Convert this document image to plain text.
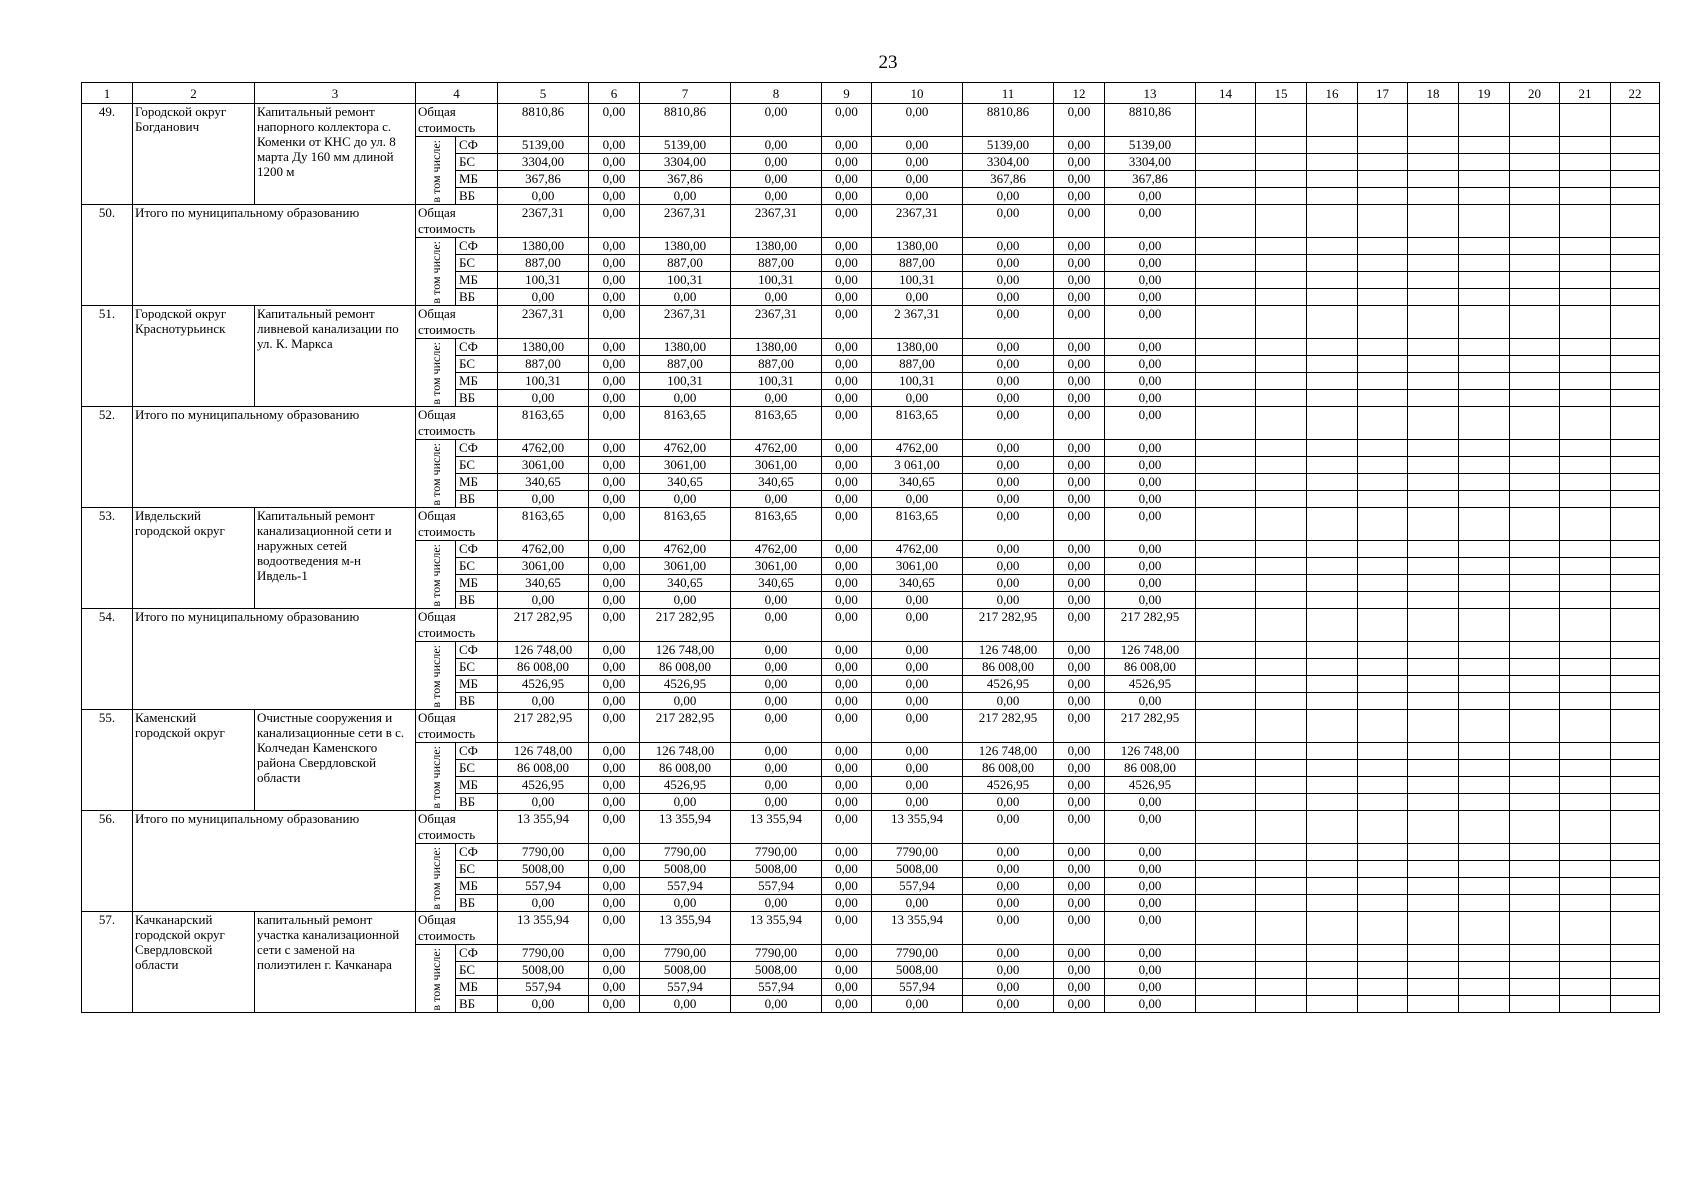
23
1	2	3	4		5	6	7	8	9	10	11	12	13	14	15	16	17	18	19	20	21	22
49.	Городской округ Богданович	Капитальный ремонт напорного коллектора с. Коменки от КНС до ул. 8 марта Ду 160 мм длиной 1200 м	Общая стоимость		8810,86	0,00	8810,86	0,00	0,00	0,00	8810,86	0,00	8810,86									

			в том числе:	СФ	5139,00	0,00	5139,00	0,00	0,00	0,00	5139,00	0,00	5139,00									
				БС	3304,00	0,00	3304,00	0,00	0,00	0,00	3304,00	0,00	3304,00									
				МБ	367,86	0,00	367,86	0,00	0,00	0,00	367,86	0,00	367,86									
				ВБ	0,00	0,00	0,00	0,00	0,00	0,00	0,00	0,00	0,00									
50.	Итого по муниципальному образованию		Общая стоимость		2367,31	0,00	2367,31	2367,31	0,00	2367,31	0,00	0,00	0,00									

			в том числе:	СФ	1380,00	0,00	1380,00	1380,00	0,00	1380,00	0,00	0,00	0,00									
				БС	887,00	0,00	887,00	887,00	0,00	887,00	0,00	0,00	0,00									
				МБ	100,31	0,00	100,31	100,31	0,00	100,31	0,00	0,00	0,00									
				ВБ	0,00	0,00	0,00	0,00	0,00	0,00	0,00	0,00	0,00									
51.	Городской округ Краснотурьинск	Капитальный ремонт ливневой канализации по ул. К. Маркса	Общая стоимость		2367,31	0,00	2367,31	2367,31	0,00	2 367,31	0,00	0,00	0,00									

			в том числе:	СФ	1380,00	0,00	1380,00	1380,00	0,00	1380,00	0,00	0,00	0,00									
				БС	887,00	0,00	887,00	887,00	0,00	887,00	0,00	0,00	0,00									
				МБ	100,31	0,00	100,31	100,31	0,00	100,31	0,00	0,00	0,00									
				ВБ	0,00	0,00	0,00	0,00	0,00	0,00	0,00	0,00	0,00									
52.	Итого по муниципальному образованию		Общая стоимость		8163,65	0,00	8163,65	8163,65	0,00	8163,65	0,00	0,00	0,00									

			в том числе:	СФ	4762,00	0,00	4762,00	4762,00	0,00	4762,00	0,00	0,00	0,00									
				БС	3061,00	0,00	3061,00	3061,00	0,00	3 061,00	0,00	0,00	0,00									
				МБ	340,65	0,00	340,65	340,65	0,00	340,65	0,00	0,00	0,00									
				ВБ	0,00	0,00	0,00	0,00	0,00	0,00	0,00	0,00	0,00									
53.	Ивдельский городской округ	Капитальный ремонт канализационной сети и наружных сетей водоотведения м-н Ивдель-1	Общая стоимость		8163,65	0,00	8163,65	8163,65	0,00	8163,65	0,00	0,00	0,00									

			в том числе:	СФ	4762,00	0,00	4762,00	4762,00	0,00	4762,00	0,00	0,00	0,00									
				БС	3061,00	0,00	3061,00	3061,00	0,00	3061,00	0,00	0,00	0,00									
				МБ	340,65	0,00	340,65	340,65	0,00	340,65	0,00	0,00	0,00									
				ВБ	0,00	0,00	0,00	0,00	0,00	0,00	0,00	0,00	0,00									
54.	Итого по муниципальному образованию		Общая стоимость		217 282,95	0,00	217 282,95	0,00	0,00	0,00	217 282,95	0,00	217 282,95									

			в том числе:	СФ	126 748,00	0,00	126 748,00	0,00	0,00	0,00	126 748,00	0,00	126 748,00									
				БС	86 008,00	0,00	86 008,00	0,00	0,00	0,00	86 008,00	0,00	86 008,00									
				МБ	4526,95	0,00	4526,95	0,00	0,00	0,00	4526,95	0,00	4526,95									
				ВБ	0,00	0,00	0,00	0,00	0,00	0,00	0,00	0,00	0,00									
55.	Каменский городской округ	Очистные сооружения и канализационные сети в с. Колчедан Каменского района Свердловской области	Общая стоимость		217 282,95	0,00	217 282,95	0,00	0,00	0,00	217 282,95	0,00	217 282,95									

			в том числе:	СФ	126 748,00	0,00	126 748,00	0,00	0,00	0,00	126 748,00	0,00	126 748,00									
				БС	86 008,00	0,00	86 008,00	0,00	0,00	0,00	86 008,00	0,00	86 008,00									
				МБ	4526,95	0,00	4526,95	0,00	0,00	0,00	4526,95	0,00	4526,95									
				ВБ	0,00	0,00	0,00	0,00	0,00	0,00	0,00	0,00	0,00									
56.	Итого по муниципальному образованию		Общая стоимость		13 355,94	0,00	13 355,94	13 355,94	0,00	13 355,94	0,00	0,00	0,00									

			в том числе:	СФ	7790,00	0,00	7790,00	7790,00	0,00	7790,00	0,00	0,00	0,00									
				БС	5008,00	0,00	5008,00	5008,00	0,00	5008,00	0,00	0,00	0,00									
				МБ	557,94	0,00	557,94	557,94	0,00	557,94	0,00	0,00	0,00									
				ВБ	0,00	0,00	0,00	0,00	0,00	0,00	0,00	0,00	0,00									
57.	Качканарский городской округ Свердловской области	капитальный ремонт участка канализационной сети с заменой на полиэтилен г. Качканара	Общая стоимость		13 355,94	0,00	13 355,94	13 355,94	0,00	13 355,94	0,00	0,00	0,00									

			в том числе:	СФ	7790,00	0,00	7790,00	7790,00	0,00	7790,00	0,00	0,00	0,00									
				БС	5008,00	0,00	5008,00	5008,00	0,00	5008,00	0,00	0,00	0,00									
				МБ	557,94	0,00	557,94	557,94	0,00	557,94	0,00	0,00	0,00									
				ВБ	0,00	0,00	0,00	0,00	0,00	0,00	0,00	0,00	0,00									
